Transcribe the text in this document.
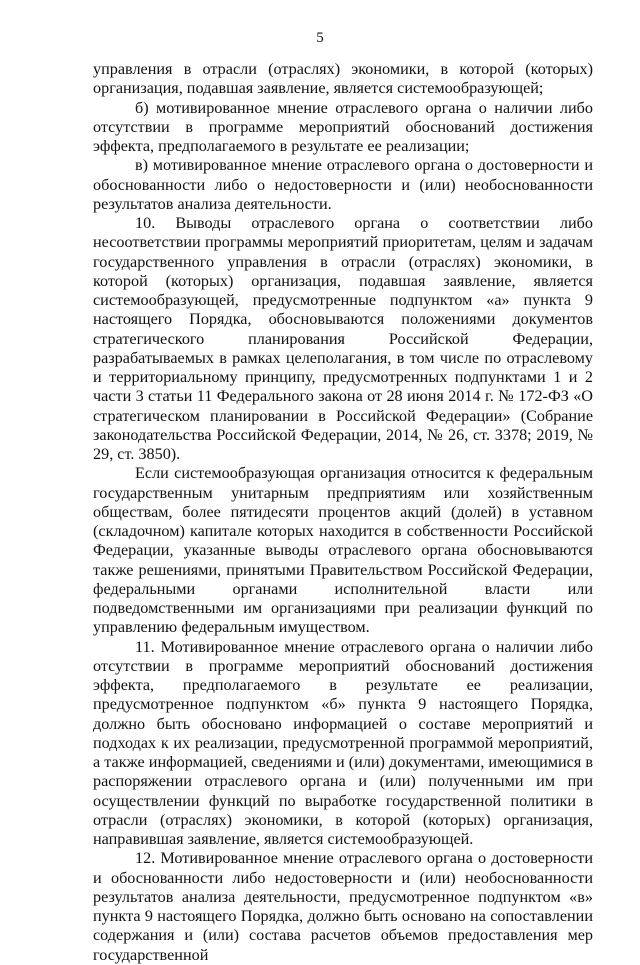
5

управления в отрасли (отраслях) экономики, в которой (которых) организация, подавшая заявление, является системообразующей;

б) мотивированное мнение отраслевого органа о наличии либо отсутствии в программе мероприятий обоснований достижения эффекта, предполагаемого в результате ее реализации;

в) мотивированное мнение отраслевого органа о достоверности и обоснованности либо о недостоверности и (или) необоснованности результатов анализа деятельности.

10. Выводы отраслевого органа о соответствии либо несоответствии программы мероприятий приоритетам, целям и задачам государственного управления в отрасли (отраслях) экономики, в которой (которых) организация, подавшая заявление, является системообразующей, предусмотренные подпунктом «а» пункта 9 настоящего Порядка, обосновываются положениями документов стратегического планирования Российской Федерации, разрабатываемых в рамках целеполагания, в том числе по отраслевому и территориальному принципу, предусмотренных подпунктами 1 и 2 части 3 статьи 11 Федерального закона от 28 июня 2014 г. № 172-ФЗ «О стратегическом планировании в Российской Федерации» (Собрание законодательства Российской Федерации, 2014, № 26, ст. 3378; 2019, № 29, ст. 3850).

Если системообразующая организация относится к федеральным государственным унитарным предприятиям или хозяйственным обществам, более пятидесяти процентов акций (долей) в уставном (складочном) капитале которых находится в собственности Российской Федерации, указанные выводы отраслевого органа обосновываются также решениями, принятыми Правительством Российской Федерации, федеральными органами исполнительной власти или подведомственными им организациями при реализации функций по управлению федеральным имуществом.

11. Мотивированное мнение отраслевого органа о наличии либо отсутствии в программе мероприятий обоснований достижения эффекта, предполагаемого в результате ее реализации, предусмотренное подпунктом «б» пункта 9 настоящего Порядка, должно быть обосновано информацией о составе мероприятий и подходах к их реализации, предусмотренной программой мероприятий, а также информацией, сведениями и (или) документами, имеющимися в распоряжении отраслевого органа и (или) полученными им при осуществлении функций по выработке государственной политики в отрасли (отраслях) экономики, в которой (которых) организация, направившая заявление, является системообразующей.

12. Мотивированное мнение отраслевого органа о достоверности и обоснованности либо недостоверности и (или) необоснованности результатов анализа деятельности, предусмотренное подпунктом «в» пункта 9 настоящего Порядка, должно быть основано на сопоставлении содержания и (или) состава расчетов объемов предоставления мер государственной
